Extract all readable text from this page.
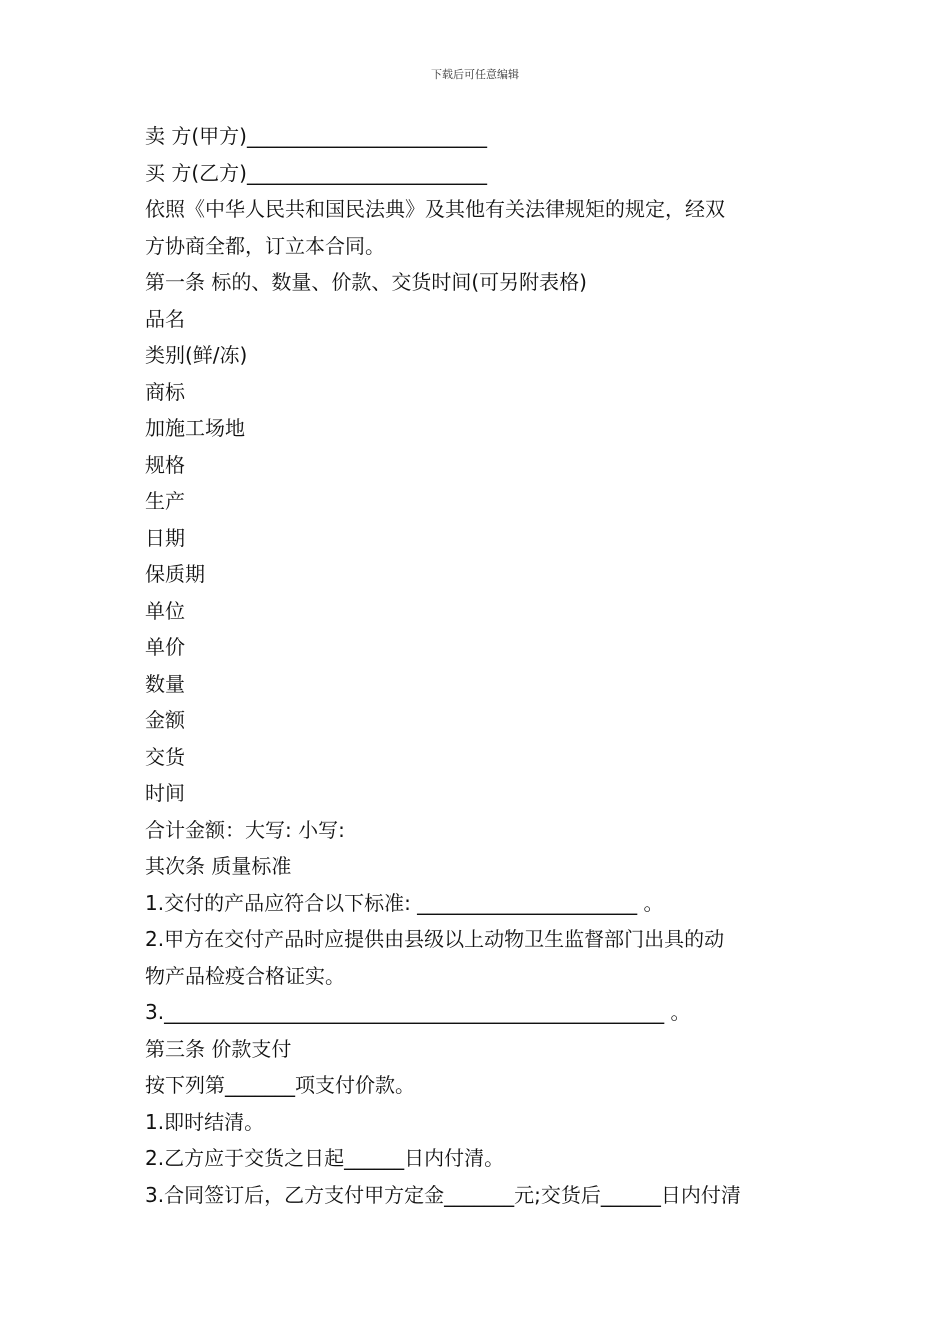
下载后可任意编辑
卖 方(甲方)________________________
买 方(乙方)________________________
依照《中华人民共和国民法典》及其他有关法律规矩的规定，经双
方协商全都，订立本合同。
第一条 标的、数量、价款、交货时间(可另附表格)
品名
类别(鲜/冻)
商标
加施工场地
规格
生产
日期
保质期
单位
单价
数量
金额
交货
时间
合计金额：大写: 小写:
其次条 质量标准
1.交付的产品应符合以下标准: ______________________ 。
2.甲方在交付产品时应提供由县级以上动物卫生监督部门出具的动
物产品检疫合格证实。
3.__________________________________________________ 。
第三条 价款支付
按下列第_______项支付价款。
1.即时结清。
2.乙方应于交货之日起______日内付清。
3.合同签订后，乙方支付甲方定金_______元;交货后______日内付清
